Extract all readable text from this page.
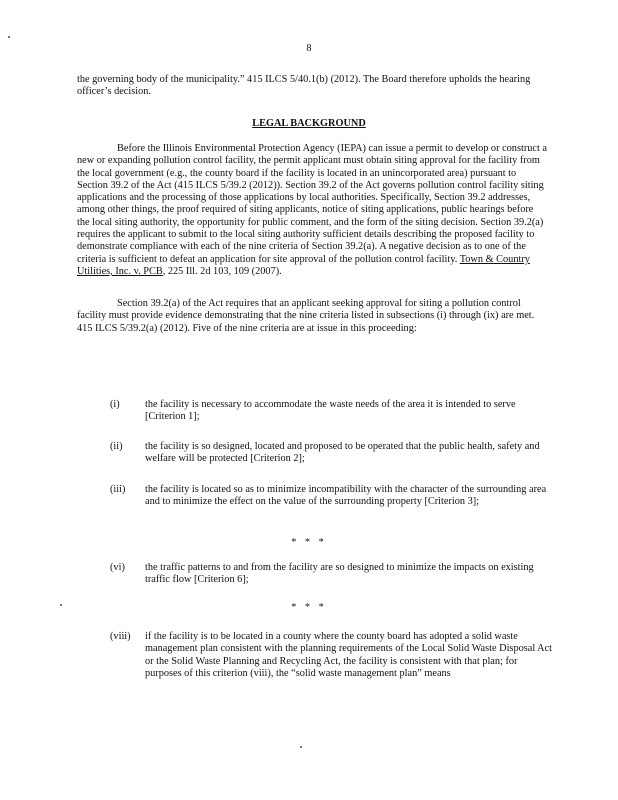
8

the governing body of the municipality.” 415 ILCS 5/40.1(b) (2012). The Board therefore upholds the hearing officer’s decision.

LEGAL BACKGROUND

Before the Illinois Environmental Protection Agency (IEPA) can issue a permit to develop or construct a new or expanding pollution control facility, the permit applicant must obtain siting approval for the facility from the local government (e.g., the county board if the facility is located in an unincorporated area) pursuant to Section 39.2 of the Act (415 ILCS 5/39.2 (2012)). Section 39.2 of the Act governs pollution control facility siting applications and the processing of those applications by local authorities. Specifically, Section 39.2 addresses, among other things, the proof required of siting applicants, notice of siting applications, public hearings before the local siting authority, the opportunity for public comment, and the form of the siting decision. Section 39.2(a) requires the applicant to submit to the local siting authority sufficient details describing the proposed facility to demonstrate compliance with each of the nine criteria of Section 39.2(a). A negative decision as to one of the criteria is sufficient to defeat an application for site approval of the pollution control facility. Town & Country Utilities, Inc. v. PCB, 225 Ill. 2d 103, 109 (2007).

Section 39.2(a) of the Act requires that an applicant seeking approval for siting a pollution control facility must provide evidence demonstrating that the nine criteria listed in subsections (i) through (ix) are met. 415 ILCS 5/39.2(a) (2012). Five of the nine criteria are at issue in this proceeding:

(i)	the facility is necessary to accommodate the waste needs of the area it is intended to serve [Criterion 1];
(ii)	the facility is so designed, located and proposed to be operated that the public health, safety and welfare will be protected [Criterion 2];
(iii)	the facility is located so as to minimize incompatibility with the character of the surrounding area and to minimize the effect on the value of the surrounding property [Criterion 3];
* * *
(vi)	the traffic patterns to and from the facility are so designed to minimize the impacts on existing traffic flow [Criterion 6];
* * *
(viii)	if the facility is to be located in a county where the county board has adopted a solid waste management plan consistent with the planning requirements of the Local Solid Waste Disposal Act or the Solid Waste Planning and Recycling Act, the facility is consistent with that plan; for purposes of this criterion (viii), the “solid waste management plan” means
